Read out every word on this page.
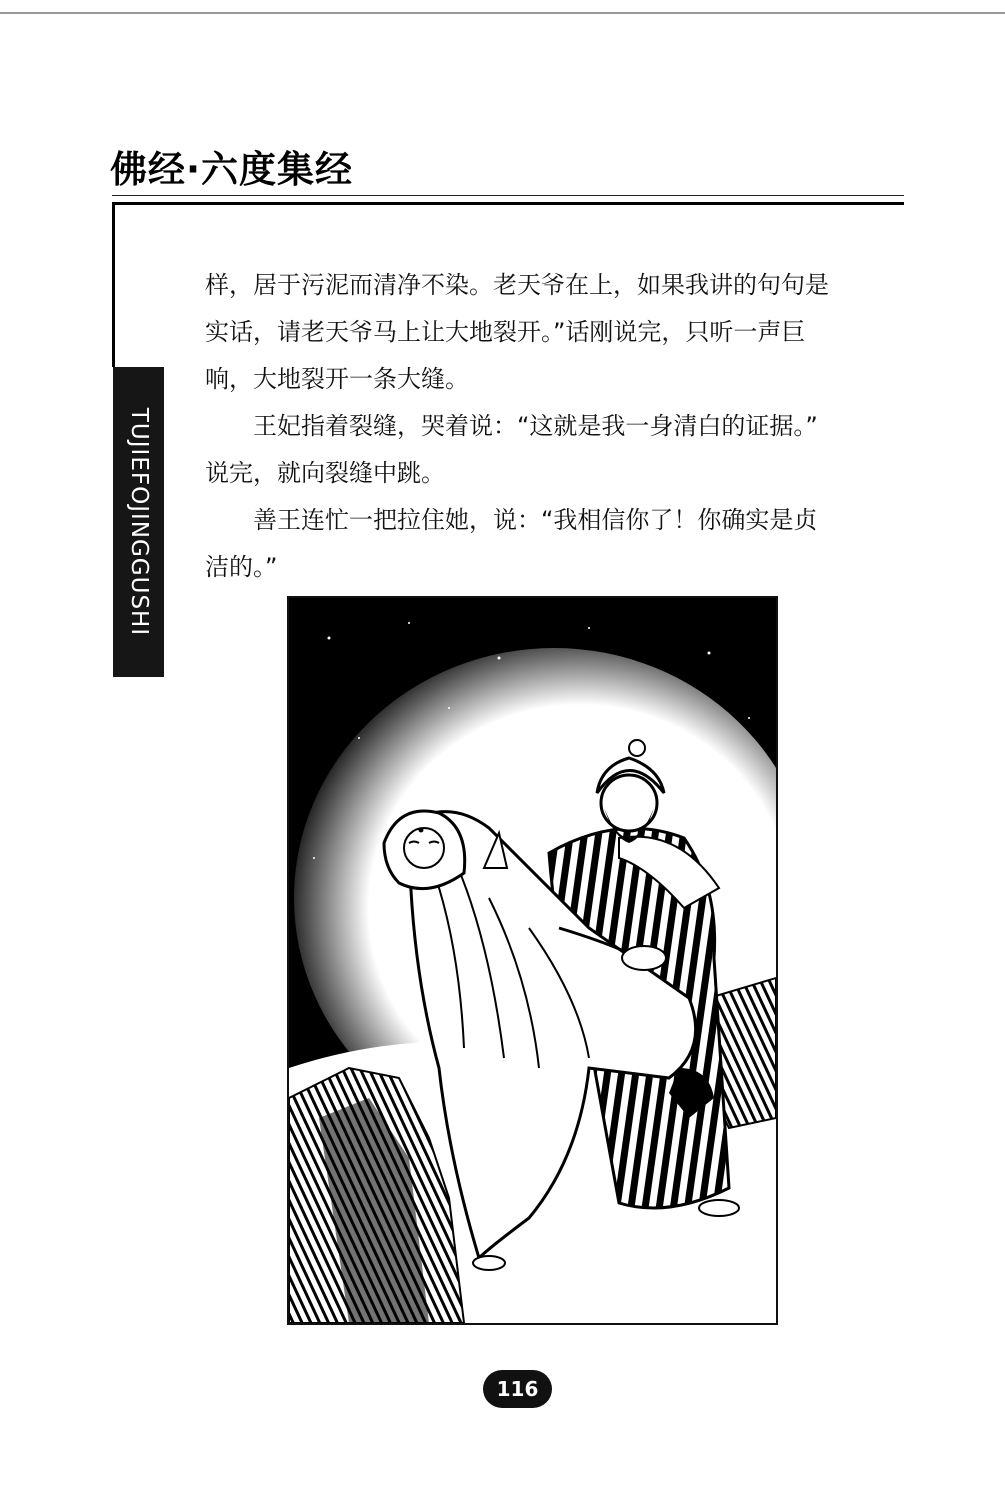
佛经·六度集经
TUJIEFOJINGGUSHI

样，居于污泥而清净不染。老天爷在上，如果我讲的句句是

实话，请老天爷马上让大地裂开。”话刚说完，只听一声巨

响，大地裂开一条大缝。

王妃指着裂缝，哭着说：“这就是我一身清白的证据。”

说完，就向裂缝中跳。

善王连忙一把拉住她，说：“我相信你了！你确实是贞

洁的。”

116
